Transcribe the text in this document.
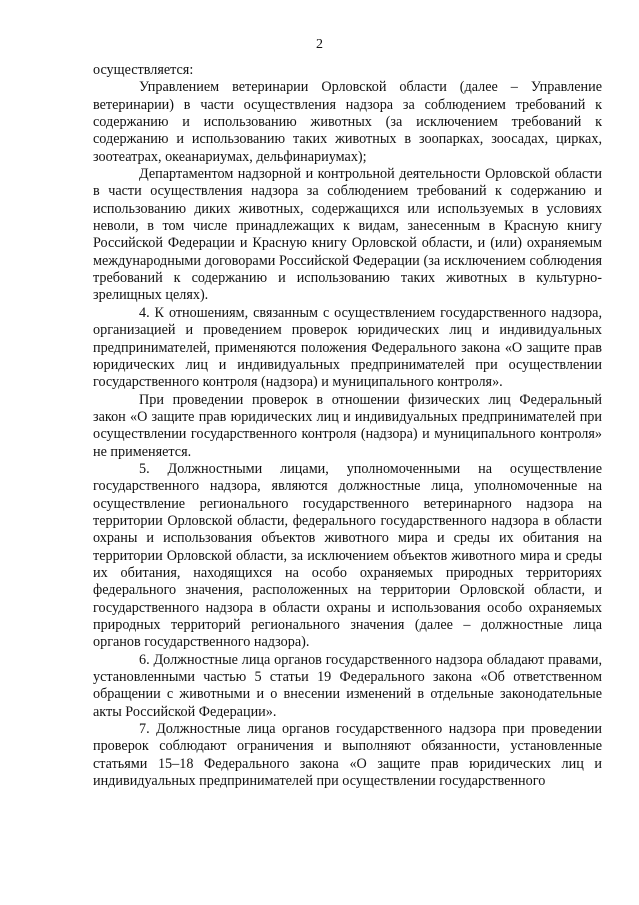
2

осуществляется:

Управлением ветеринарии Орловской области (далее – Управление ветеринарии) в части осуществления надзора за соблюдением требований к содержанию и использованию животных (за исключением требований к содержанию и использованию таких животных в зоопарках, зоосадах, цирках, зоотеатрах, океанариумах, дельфинариумах);

Департаментом надзорной и контрольной деятельности Орловской области в части осуществления надзора за соблюдением требований к содержанию и использованию диких животных, содержащихся или используемых в условиях неволи, в том числе принадлежащих к видам, занесенным в Красную книгу Российской Федерации и Красную книгу Орловской области, и (или) охраняемым международными договорами Российской Федерации (за исключением соблюдения требований к содержанию и использованию таких животных в культурно-зрелищных целях).

4. К отношениям, связанным с осуществлением государственного надзора, организацией и проведением проверок юридических лиц и индивидуальных предпринимателей, применяются положения Федерального закона «О защите прав юридических лиц и индивидуальных предпринимателей при осуществлении государственного контроля (надзора) и муниципального контроля».

При проведении проверок в отношении физических лиц Федеральный закон «О защите прав юридических лиц и индивидуальных предпринимателей при осуществлении государственного контроля (надзора) и муниципального контроля» не применяется.

5. Должностными лицами, уполномоченными на осуществление государственного надзора, являются должностные лица, уполномоченные на осуществление регионального государственного ветеринарного надзора на территории Орловской области, федерального государственного надзора в области охраны и использования объектов животного мира и среды их обитания на территории Орловской области, за исключением объектов животного мира и среды их обитания, находящихся на особо охраняемых природных территориях федерального значения, расположенных на территории Орловской области, и государственного надзора в области охраны и использования особо охраняемых природных территорий регионального значения (далее – должностные лица органов государственного надзора).

6. Должностные лица органов государственного надзора обладают правами, установленными частью 5 статьи 19 Федерального закона «Об ответственном обращении с животными и о внесении изменений в отдельные законодательные акты Российской Федерации».

7. Должностные лица органов государственного надзора при проведении проверок соблюдают ограничения и выполняют обязанности, установленные статьями 15–18 Федерального закона «О защите прав юридических лиц и индивидуальных предпринимателей при осуществлении государственного
